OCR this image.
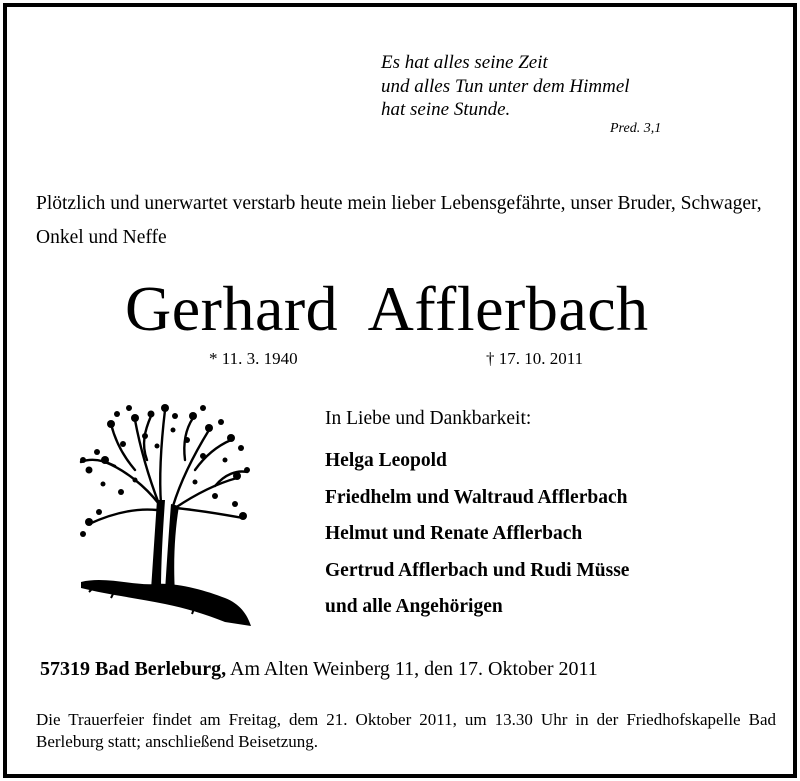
Es hat alles seine Zeit
und alles Tun unter dem Himmel
hat seine Stunde.
Pred. 3,1
Plötzlich und unerwartet verstarb heute mein lieber Lebensgefährte, unser Bruder, Schwager, Onkel und Neffe
Gerhard  Afflerbach
* 11. 3. 1940	† 17. 10. 2011
In Liebe und Dankbarkeit:
Helga Leopold
Friedhelm und Waltraud Afflerbach
Helmut und Renate Afflerbach
Gertrud Afflerbach und Rudi Müsse
und alle Angehörigen
57319 Bad Berleburg, Am Alten Weinberg 11, den 17. Oktober 2011
Die Trauerfeier findet am Freitag, dem 21. Oktober 2011, um 13.30 Uhr in der Friedhofskapelle Bad Berleburg statt; anschließend Beisetzung.
